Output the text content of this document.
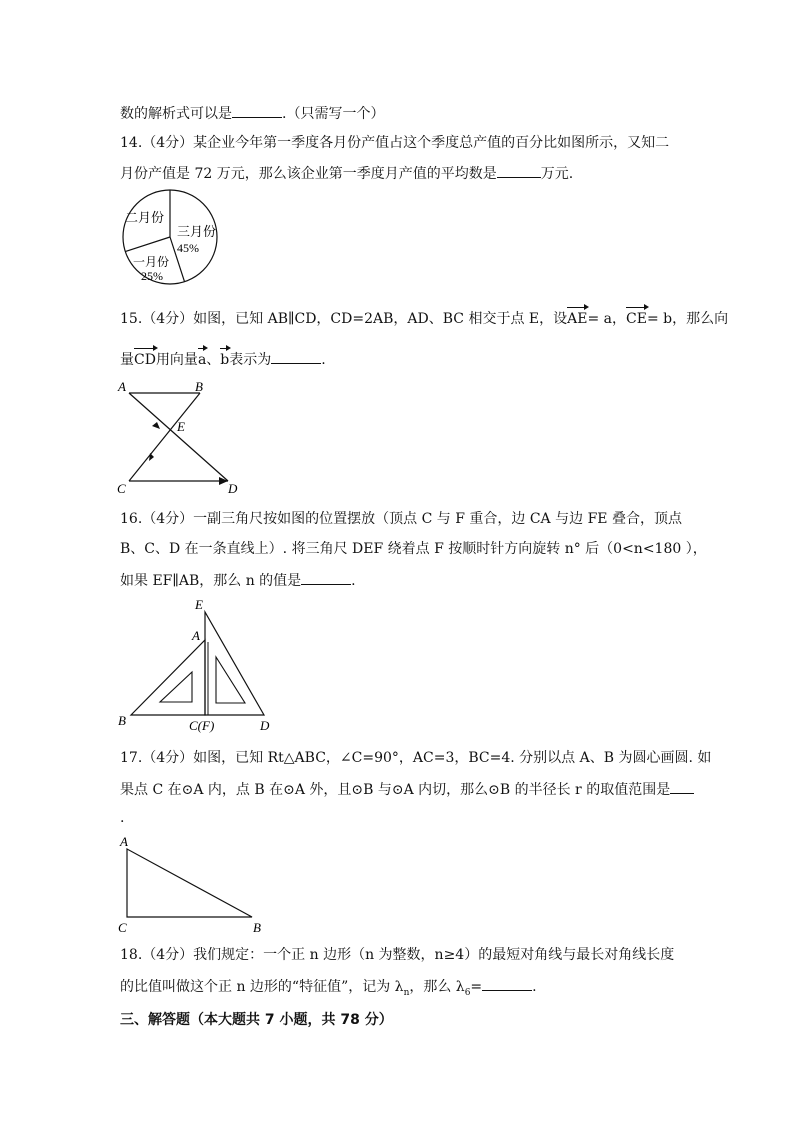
数的解析式可以是	.（只需写一个）
14.（4分）某企业今年第一季度各月份产值占这个季度总产值的百分比如图所示，又知二
月份产值是 72 万元，那么该企业第一季度月产值的平均数是	万元.
二月份
三月份
45%
一月份
25%
15.（4分）如图，已知 AB∥CD，CD=2AB，AD、BC 相交于点 E，设AE= a，CE= b，那么向
量CD用向量a、b表示为	.
A	B
E
C	D
16.（4分）一副三角尺按如图的位置摆放（顶点 C 与 F 重合，边 CA 与边 FE 叠合，顶点
B、C、D 在一条直线上）. 将三角尺 DEF 绕着点 F 按顺时针方向旋转 n° 后（0<n<180 ），
如果 EF∥AB，那么 n 的值是	.
E
A
B	C(F)	D
17.（4分）如图，已知 Rt△ABC，∠C=90°，AC=3，BC=4. 分别以点 A、B 为圆心画圆. 如
果点 C 在⊙A 内，点 B 在⊙A 外，且⊙B 与⊙A 内切，那么⊙B 的半径长 r 的取值范围是
.
A
C	B
18.（4分）我们规定：一个正 n 边形（n 为整数，n≥4）的最短对角线与最长对角线长度
的比值叫做这个正 n 边形的“特征值”，记为 $\lambda_n$，那么 $\lambda_6=$	.
三、解答题（本大题共 7 小题，共 78 分）
